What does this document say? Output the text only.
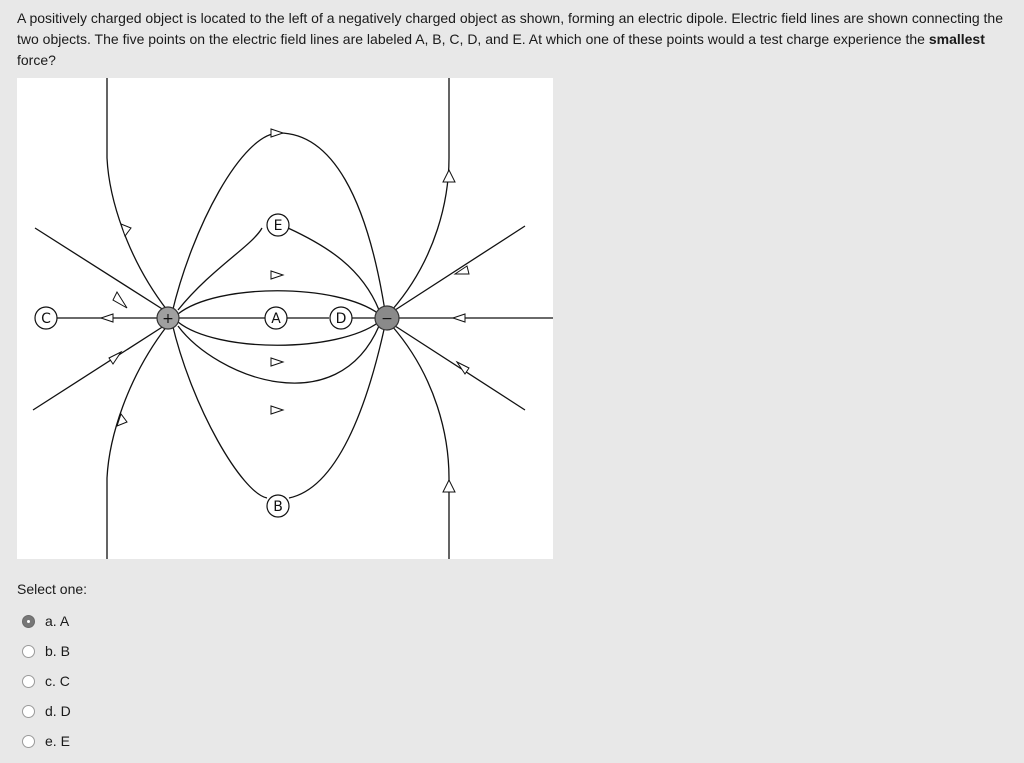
A positively charged object is located to the left of a negatively charged object as shown, forming an electric dipole. Electric field lines are shown connecting the two objects. The five points on the electric field lines are labeled A, B, C, D, and E. At which one of these points would a test charge experience the smallest force?
+	−
C	A	D
E
B
Select one:
a. A
b. B
c. C
d. D
e. E
